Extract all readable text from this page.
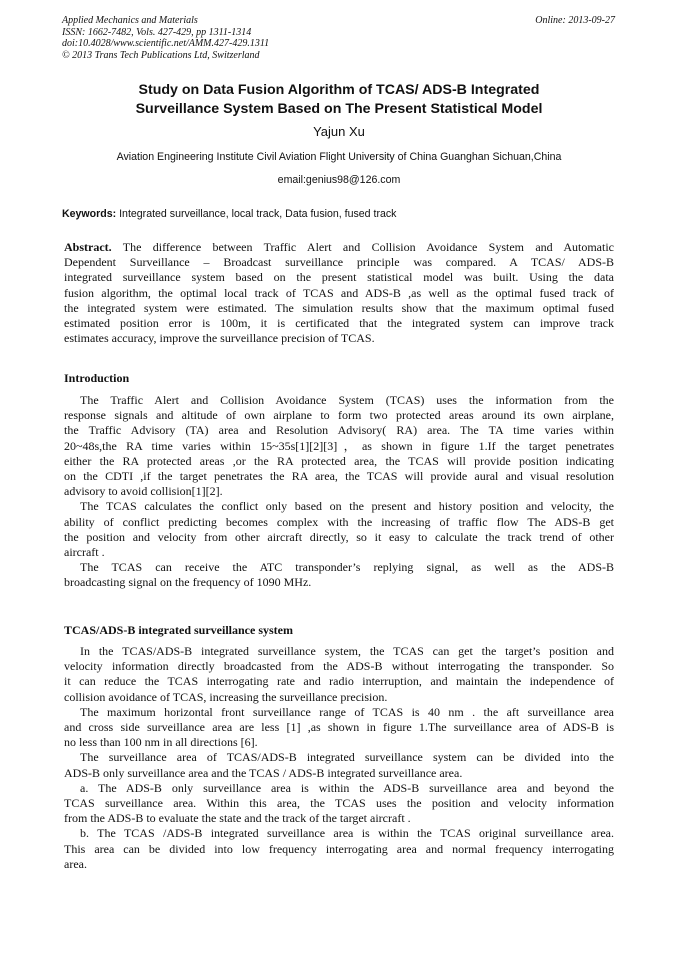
Applied Mechanics and Materials
ISSN: 1662-7482, Vols. 427-429, pp 1311-1314
doi:10.4028/www.scientific.net/AMM.427-429.1311
© 2013 Trans Tech Publications Ltd, Switzerland
Online: 2013-09-27
Study on Data Fusion Algorithm of TCAS/ ADS-B Integrated
Surveillance System Based on The Present Statistical Model
Yajun Xu
Aviation Engineering Institute Civil Aviation Flight University of China Guanghan Sichuan,China
email:genius98@126.com
Keywords: Integrated surveillance, local track, Data fusion, fused track

Abstract. The difference between Traffic Alert and Collision Avoidance System and Automatic

Dependent Surveillance – Broadcast surveillance principle was compared. A TCAS/ ADS-B

integrated surveillance system based on the present statistical model was built. Using the data

fusion algorithm, the optimal local track of TCAS and ADS-B ,as well as the optimal fused track of

the integrated system were estimated. The simulation results show that the maximum optimal fused

estimated position error is 100m, it is certificated that the integrated system can improve track

estimates accuracy, improve the surveillance precision of TCAS.

Introduction

The Traffic Alert and Collision Avoidance System (TCAS) uses the information from the

response signals and altitude of own airplane to form two protected areas around its own airplane,

the Traffic Advisory (TA) area and Resolution Advisory( RA) area. The TA time varies within

20~48s,the RA time varies within 15~35s[1][2][3]，as shown in figure 1.If the target penetrates

either the RA protected areas ,or the RA protected area, the TCAS will provide position indicating

on the CDTI ,if the target penetrates the RA area, the TCAS will provide aural and visual resolution

advisory to avoid collision[1][2].

The TCAS calculates the conflict only based on the present and history position and velocity, the

ability of conflict predicting becomes complex with the increasing of traffic flow The ADS-B get

the position and velocity from other aircraft directly, so it easy to calculate the track trend of other

aircraft .

The TCAS can receive the ATC transponder’s replying signal, as well as the ADS-B

broadcasting signal on the frequency of 1090 MHz.

TCAS/ADS-B integrated surveillance system

In the TCAS/ADS-B integrated surveillance system, the TCAS can get the target’s position and

velocity information directly broadcasted from the ADS-B without interrogating the transponder. So

it can reduce the TCAS interrogating rate and radio interruption, and maintain the independence of

collision avoidance of TCAS, increasing the surveillance precision.

The maximum horizontal front surveillance range of TCAS is 40 nm . the aft surveillance area

and cross side surveillance area are less [1] ,as shown in figure 1.The surveillance area of ADS-B is

no less than 100 nm in all directions [6].

The surveillance area of TCAS/ADS-B integrated surveillance system can be divided into the

ADS-B only surveillance area and the TCAS / ADS-B integrated surveillance area.

a. The ADS-B only surveillance area is within the ADS-B surveillance area and beyond the

TCAS surveillance area. Within this area, the TCAS uses the position and velocity information

from the ADS-B to evaluate the state and the track of the target aircraft .

b. The TCAS /ADS-B integrated surveillance area is within the TCAS original surveillance area.

This area can be divided into low frequency interrogating area and normal frequency interrogating

area.
